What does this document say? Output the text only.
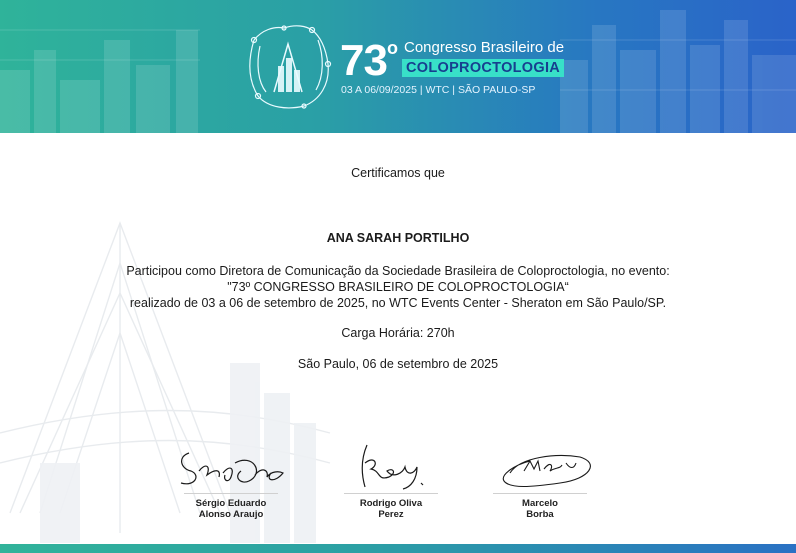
73$^o$ Congresso Brasileiro de
COLOPROCTOLOGIA
03 A 06/09/2025 | WTC | SÃO PAULO-SP
Certificamos que
ANA SARAH PORTILHO
Participou como Diretora de Comunicação da Sociedade Brasileira de Coloproctologia, no evento:
"73º CONGRESSO BRASILEIRO DE COLOPROCTOLOGIA“
realizado de 03 a 06 de setembro de 2025, no WTC Events Center - Sheraton em São Paulo/SP.
Carga Horária: 270h
São Paulo, 06 de setembro de 2025
Sérgio Eduardo
Alonso Araujo
Rodrigo Oliva
Perez
Marcelo
Borba
